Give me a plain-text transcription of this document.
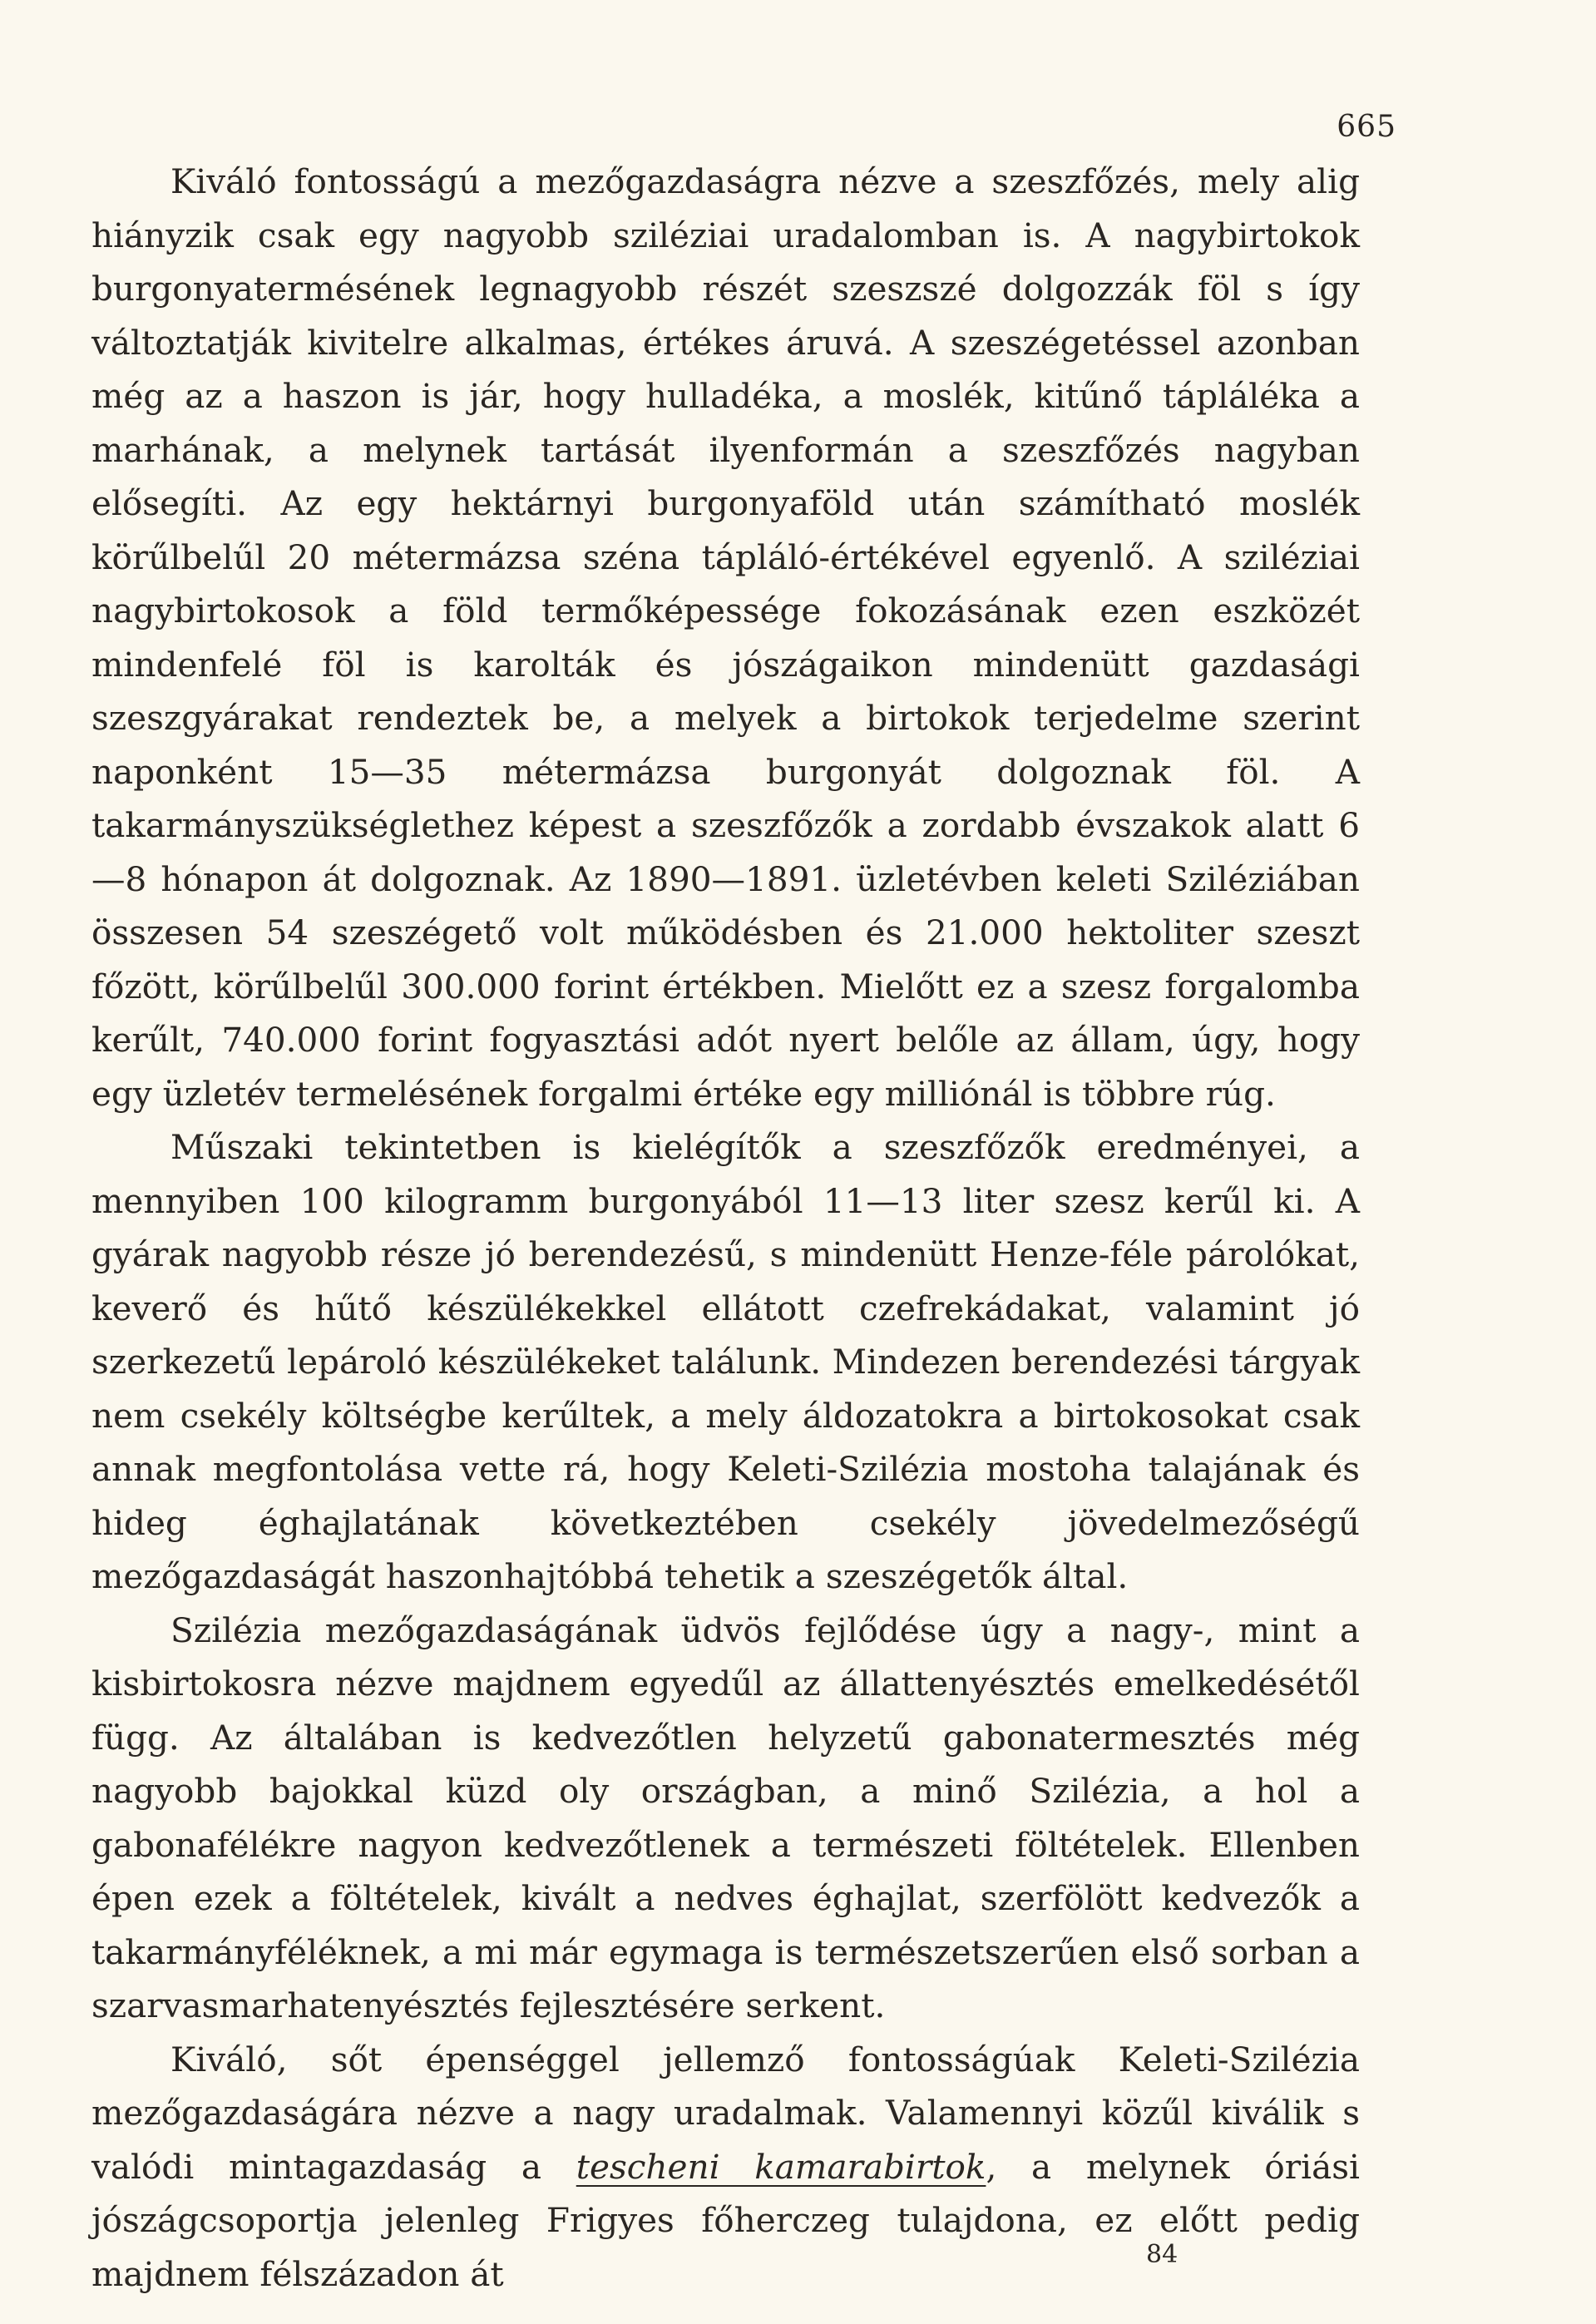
665

Kiváló fontosságú a mezőgazdaságra nézve a szeszfőzés, mely alig hiányzik csak egy nagyobb sziléziai uradalomban is. A nagybirtokok burgonyatermésének legnagyobb részét szeszszé dolgozzák föl s így változtatják kivitelre alkalmas, értékes áruvá. A szeszégetéssel azonban még az a haszon is jár, hogy hulladéka, a moslék, kitűnő tápláléka a marhának, a melynek tartását ilyenformán a szeszfőzés nagyban elősegíti. Az egy hektárnyi burgonyaföld után számítható moslék körűlbelűl 20 métermázsa széna tápláló-értékével egyenlő. A sziléziai nagybirtokosok a föld termőképessége fokozásának ezen eszközét mindenfelé föl is karolták és jószágaikon mindenütt gazdasági szeszgyárakat rendeztek be, a melyek a birtokok terjedelme szerint naponként 15—35 métermázsa burgonyát dolgoznak föl. A takarmányszükséglethez képest a szeszfőzők a zordabb évszakok alatt 6—8 hónapon át dolgoznak. Az 1890—1891. üzletévben keleti Sziléziában összesen 54 szeszégető volt működésben és 21.000 hektoliter szeszt főzött, körűlbelűl 300.000 forint értékben. Mielőtt ez a szesz forgalomba kerűlt, 740.000 forint fogyasztási adót nyert belőle az állam, úgy, hogy egy üzletév termelésének forgalmi értéke egy milliónál is többre rúg.

Műszaki tekintetben is kielégítők a szeszfőzők eredményei, a mennyiben 100 kilogramm burgonyából 11—13 liter szesz kerűl ki. A gyárak nagyobb része jó berendezésű, s mindenütt Henze-féle párolókat, keverő és hűtő készülékekkel ellátott czefrekádakat, valamint jó szerkezetű lepároló készülékeket találunk. Mindezen berendezési tárgyak nem csekély költségbe kerűltek, a mely áldozatokra a birtokosokat csak annak megfontolása vette rá, hogy Keleti-Szilézia mostoha talajának és hideg éghajlatának következtében csekély jövedelmezőségű mezőgazdaságát haszonhajtóbbá tehetik a szeszégetők által.

Szilézia mezőgazdaságának üdvös fejlődése úgy a nagy-, mint a kisbirtokosra nézve majdnem egyedűl az állattenyésztés emelkedésétől függ. Az általában is kedvezőtlen helyzetű gabonatermesztés még nagyobb bajokkal küzd oly országban, a minő Szilézia, a hol a gabonafélékre nagyon kedvezőtlenek a természeti föltételek. Ellenben épen ezek a föltételek, kivált a nedves éghajlat, szerfölött kedvezők a takarmányféléknek, a mi már egymaga is természetszerűen első sorban a szarvasmarhatenyésztés fejlesztésére serkent.

Kiváló, sőt épenséggel jellemző fontosságúak Keleti-Szilézia mezőgazdaságára nézve a nagy uradalmak. Valamennyi közűl kiválik s valódi mintagazdaság a tescheni kamarabirtok, a melynek óriási jószágcsoportja jelenleg Frigyes főherczeg tulajdona, ez előtt pedig majdnem félszázadon át	84
